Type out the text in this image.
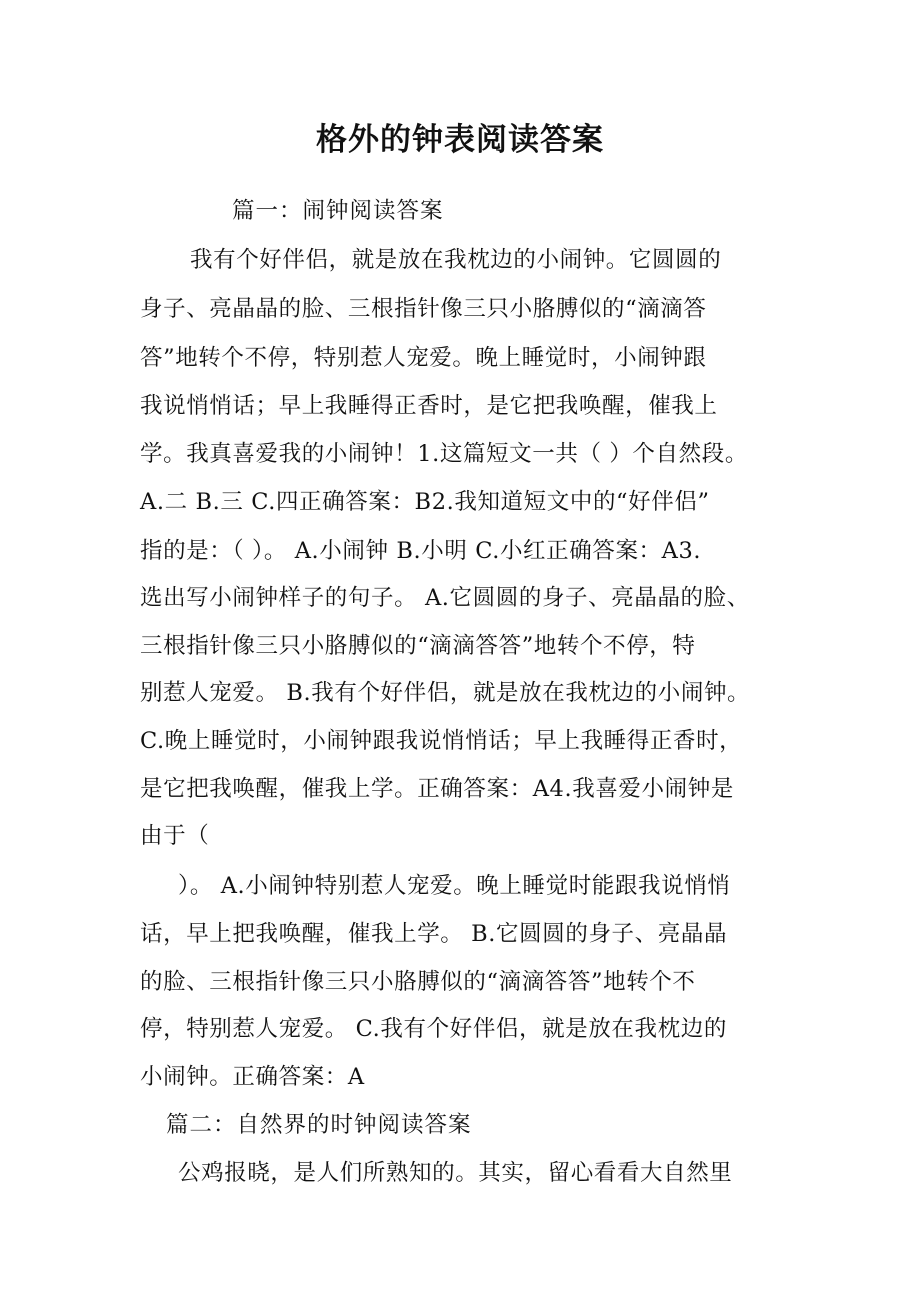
格外的钟表阅读答案
篇一：闹钟阅读答案
我有个好伴侣，就是放在我枕边的小闹钟。它圆圆的
身子、亮晶晶的脸、三根指针像三只小胳膊似的“滴滴答
答”地转个不停，特别惹人宠爱。晚上睡觉时，小闹钟跟
我说悄悄话；早上我睡得正香时，是它把我唤醒，催我上
学。我真喜爱我的小闹钟！1.这篇短文一共（ ）个自然段。
A.二 B.三 C.四正确答案：B2.我知道短文中的“好伴侣”
指的是：（ ）。 A.小闹钟 B.小明 C.小红正确答案：A3.
选出写小闹钟样子的句子。 A.它圆圆的身子、亮晶晶的脸、
三根指针像三只小胳膊似的“滴滴答答”地转个不停，特
别惹人宠爱。 B.我有个好伴侣，就是放在我枕边的小闹钟。
C.晚上睡觉时，小闹钟跟我说悄悄话；早上我睡得正香时，
是它把我唤醒，催我上学。正确答案：A4.我喜爱小闹钟是
由于（
）。 A.小闹钟特别惹人宠爱。晚上睡觉时能跟我说悄悄
话，早上把我唤醒，催我上学。 B.它圆圆的身子、亮晶晶
的脸、三根指针像三只小胳膊似的“滴滴答答”地转个不
停，特别惹人宠爱。 C.我有个好伴侣，就是放在我枕边的
小闹钟。正确答案：A
篇二：自然界的时钟阅读答案
公鸡报晓，是人们所熟知的。其实，留心看看大自然里
